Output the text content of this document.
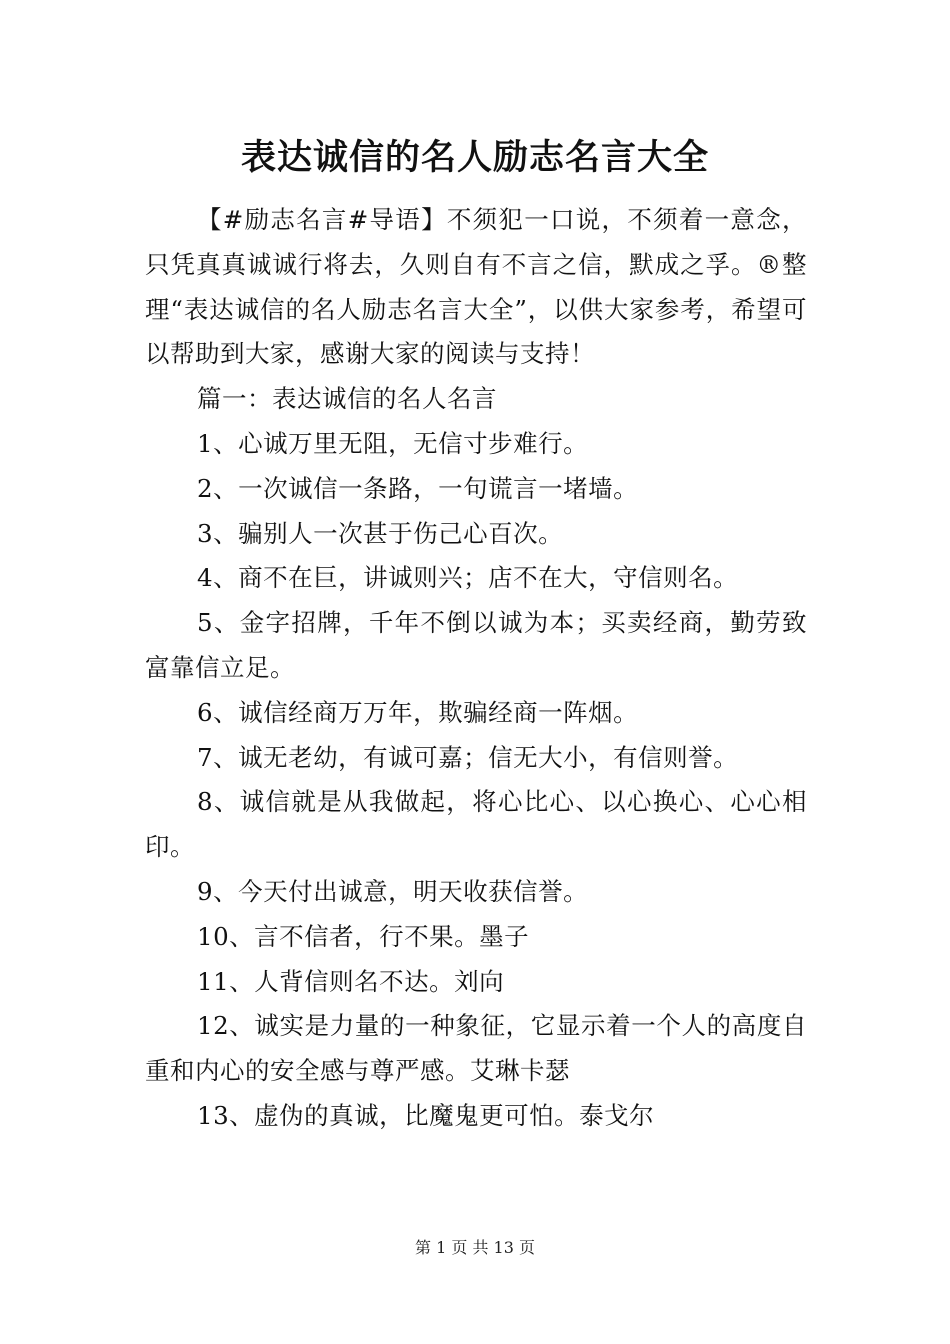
表达诚信的名人励志名言大全

【#励志名言#导语】不须犯一口说，不须着一意念，只凭真真诚诚行将去，久则自有不言之信，默成之孚。®整理“表达诚信的名人励志名言大全”，以供大家参考，希望可以帮助到大家，感谢大家的阅读与支持！

篇一：表达诚信的名人名言

1、心诚万里无阻，无信寸步难行。

2、一次诚信一条路，一句谎言一堵墙。

3、骗别人一次甚于伤己心百次。

4、商不在巨，讲诚则兴；店不在大，守信则名。

5、金字招牌，千年不倒以诚为本；买卖经商，勤劳致富靠信立足。

6、诚信经商万万年，欺骗经商一阵烟。

7、诚无老幼，有诚可嘉；信无大小，有信则誉。

8、诚信就是从我做起，将心比心、以心换心、心心相印。

9、今天付出诚意，明天收获信誉。

10、言不信者，行不果。墨子

11、人背信则名不达。刘向

12、诚实是力量的一种象征，它显示着一个人的高度自重和内心的安全感与尊严感。艾琳卡瑟

13、虚伪的真诚，比魔鬼更可怕。泰戈尔

第 1 页 共 13 页
